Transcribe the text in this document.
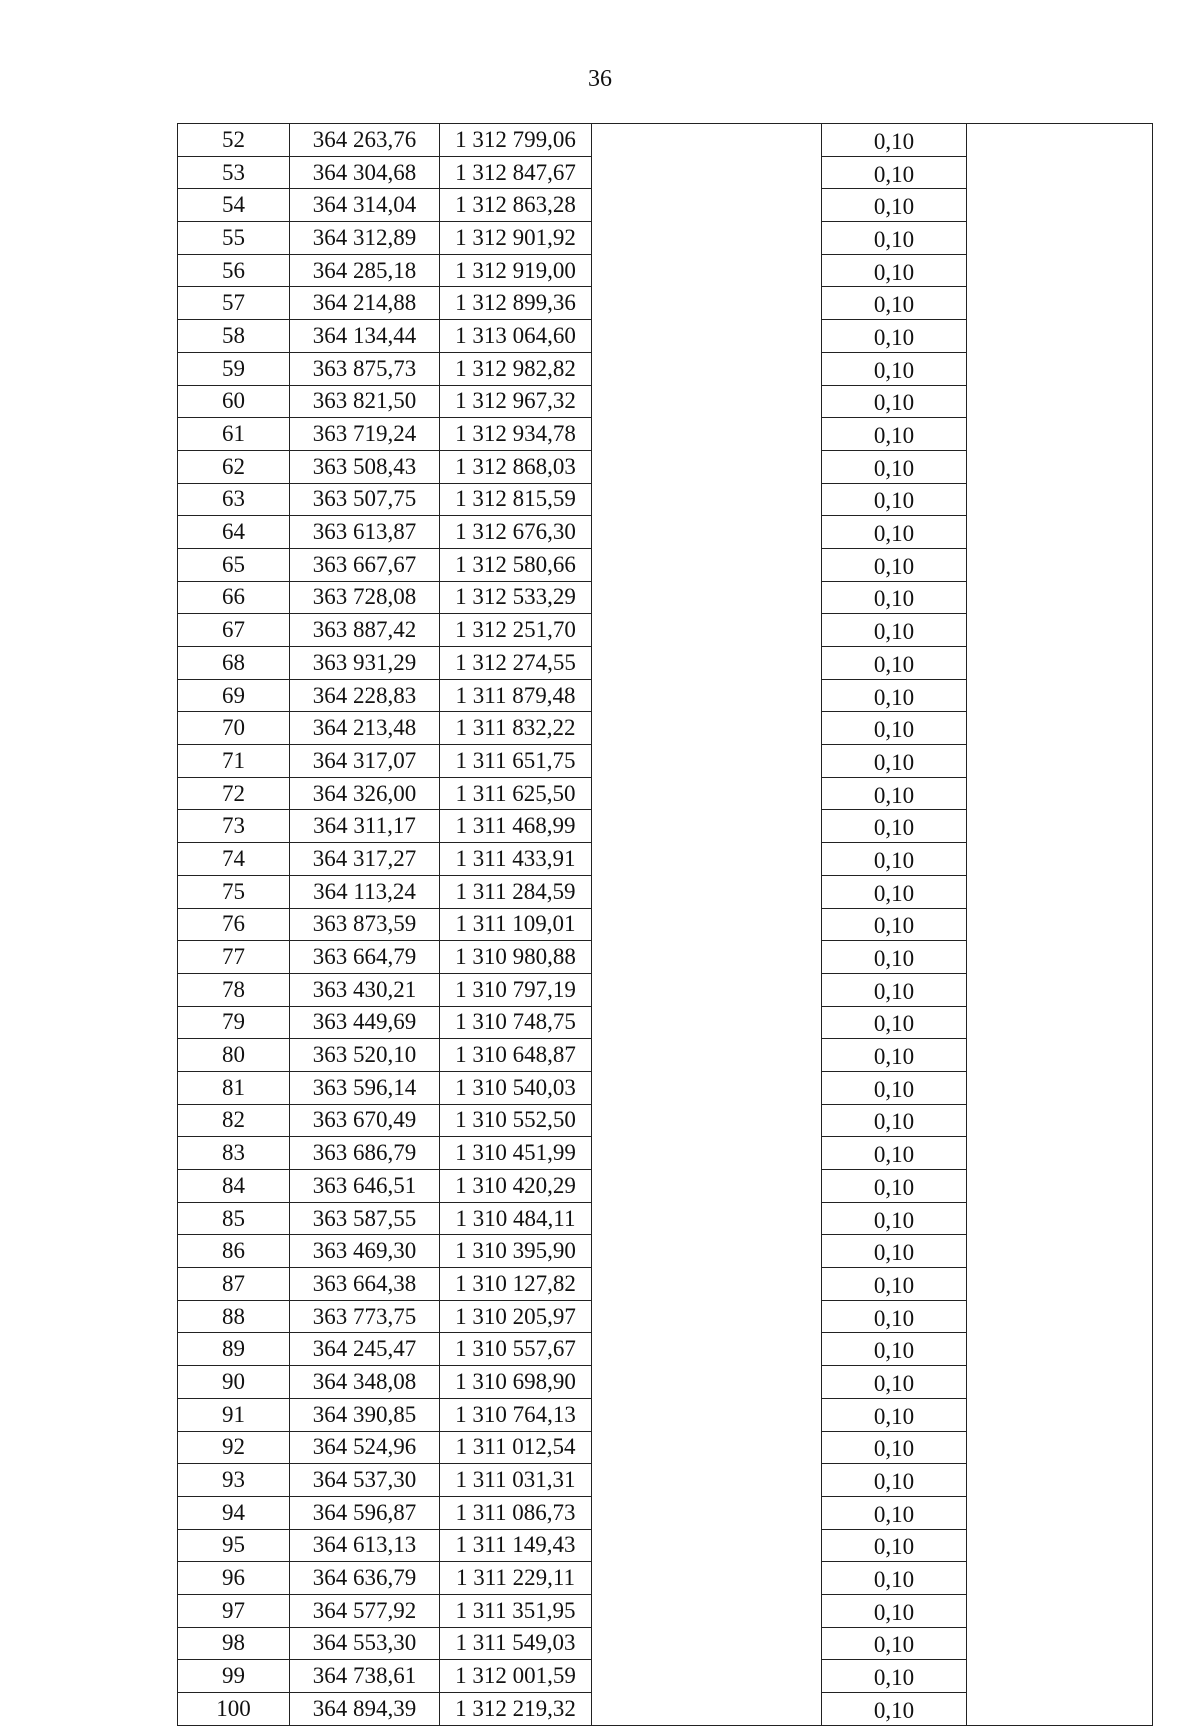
36
52	364 263,76	1 312 799,06		0,10	
53	364 304,68	1 312 847,67		0,10	
54	364 314,04	1 312 863,28		0,10	
55	364 312,89	1 312 901,92		0,10	
56	364 285,18	1 312 919,00		0,10	
57	364 214,88	1 312 899,36		0,10	
58	364 134,44	1 313 064,60		0,10	
59	363 875,73	1 312 982,82		0,10	
60	363 821,50	1 312 967,32		0,10	
61	363 719,24	1 312 934,78		0,10	
62	363 508,43	1 312 868,03		0,10	
63	363 507,75	1 312 815,59		0,10	
64	363 613,87	1 312 676,30		0,10	
65	363 667,67	1 312 580,66		0,10	
66	363 728,08	1 312 533,29		0,10	
67	363 887,42	1 312 251,70		0,10	
68	363 931,29	1 312 274,55		0,10	
69	364 228,83	1 311 879,48		0,10	
70	364 213,48	1 311 832,22		0,10	
71	364 317,07	1 311 651,75		0,10	
72	364 326,00	1 311 625,50		0,10	
73	364 311,17	1 311 468,99		0,10	
74	364 317,27	1 311 433,91		0,10	
75	364 113,24	1 311 284,59		0,10	
76	363 873,59	1 311 109,01		0,10	
77	363 664,79	1 310 980,88		0,10	
78	363 430,21	1 310 797,19		0,10	
79	363 449,69	1 310 748,75		0,10	
80	363 520,10	1 310 648,87		0,10	
81	363 596,14	1 310 540,03		0,10	
82	363 670,49	1 310 552,50		0,10	
83	363 686,79	1 310 451,99		0,10	
84	363 646,51	1 310 420,29		0,10	
85	363 587,55	1 310 484,11		0,10	
86	363 469,30	1 310 395,90		0,10	
87	363 664,38	1 310 127,82		0,10	
88	363 773,75	1 310 205,97		0,10	
89	364 245,47	1 310 557,67		0,10	
90	364 348,08	1 310 698,90		0,10	
91	364 390,85	1 310 764,13		0,10	
92	364 524,96	1 311 012,54		0,10	
93	364 537,30	1 311 031,31		0,10	
94	364 596,87	1 311 086,73		0,10	
95	364 613,13	1 311 149,43		0,10	
96	364 636,79	1 311 229,11		0,10	
97	364 577,92	1 311 351,95		0,10	
98	364 553,30	1 311 549,03		0,10	
99	364 738,61	1 312 001,59		0,10	
100	364 894,39	1 312 219,32		0,10	
